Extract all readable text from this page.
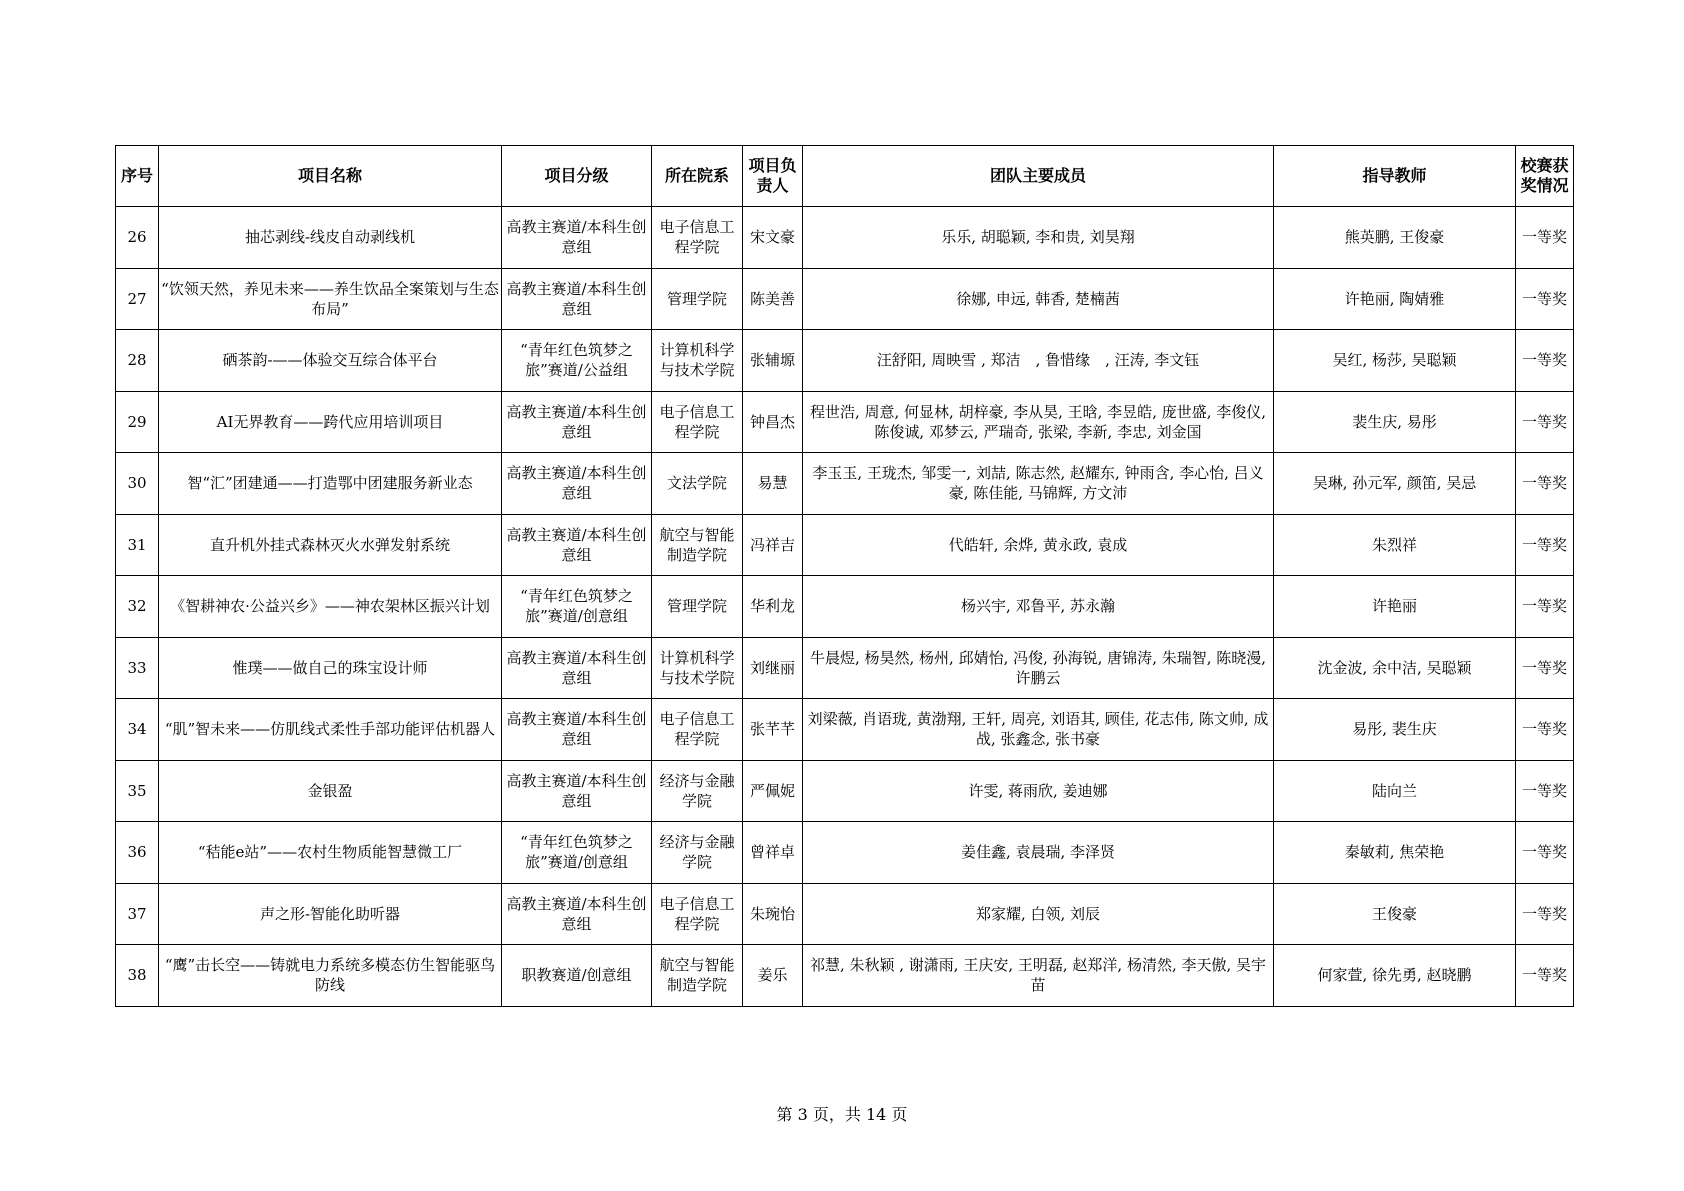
序号	项目名称	项目分级	所在院系	项目负责人	团队主要成员	指导教师	校赛获奖情况
26	抽芯剥线-线皮自动剥线机	高教主赛道/本科生创意组	电子信息工程学院	宋文豪	乐乐, 胡聪颖, 李和贵, 刘昊翔	熊英鹏, 王俊豪	一等奖
27	“饮领天然，养见未来——养生饮品全案策划与生态布局”	高教主赛道/本科生创意组	管理学院	陈美善	徐娜, 申远, 韩香, 楚楠茜	许艳丽, 陶婧雅	一等奖
28	硒茶韵-——体验交互综合体平台	“青年红色筑梦之旅”赛道/公益组	计算机科学与技术学院	张辅塬	汪舒阳, 周映雪 , 郑洁　, 鲁惜缘　, 汪涛, 李文钰	吴红, 杨莎, 吴聪颖	一等奖
29	AI无界教育——跨代应用培训项目	高教主赛道/本科生创意组	电子信息工程学院	钟昌杰	程世浩, 周意, 何显林, 胡梓豪, 李从昊, 王晗, 李昱皓, 庞世盛, 李俊仪, 陈俊诚, 邓梦云, 严瑞奇, 张梁, 李新, 李忠, 刘金国	裴生庆, 易彤	一等奖
30	智“汇”团建通——打造鄂中团建服务新业态	高教主赛道/本科生创意组	文法学院	易慧	李玉玉, 王珑杰, 邹雯一, 刘喆, 陈志然, 赵耀东, 钟雨含, 李心怡, 吕义豪, 陈佳能, 马锦辉, 方文沛	吴琳, 孙元军, 颜笛, 吴忌	一等奖
31	直升机外挂式森林灭火水弹发射系统	高教主赛道/本科生创意组	航空与智能制造学院	冯祥吉	代皓轩, 余烨, 黄永政, 袁成	朱烈祥	一等奖
32	《智耕神农·公益兴乡》——神农架林区振兴计划	“青年红色筑梦之旅”赛道/创意组	管理学院	华利龙	杨兴宇, 邓鲁平, 苏永瀚	许艳丽	一等奖
33	惟璞——做自己的珠宝设计师	高教主赛道/本科生创意组	计算机科学与技术学院	刘继丽	牛晨煜, 杨昊然, 杨州, 邱婧怡, 冯俊, 孙海锐, 唐锦涛, 朱瑞智, 陈晓漫, 许鹏云	沈金波, 余中洁, 吴聪颖	一等奖
34	“肌”智未来——仿肌线式柔性手部功能评估机器人	高教主赛道/本科生创意组	电子信息工程学院	张芊芊	刘梁薇, 肖语珑, 黄渤翔, 王轩, 周亮, 刘语其, 顾佳, 花志伟, 陈文帅, 成战, 张鑫念, 张书豪	易彤, 裴生庆	一等奖
35	金银盈	高教主赛道/本科生创意组	经济与金融学院	严佩妮	许雯, 蒋雨欣, 姜迪娜	陆向兰	一等奖
36	“秸能e站”——农村生物质能智慧微工厂	“青年红色筑梦之旅”赛道/创意组	经济与金融学院	曾祥卓	姜佳鑫, 袁晨瑞, 李泽贤	秦敏莉, 焦荣艳	一等奖
37	声之形-智能化助听器	高教主赛道/本科生创意组	电子信息工程学院	朱琬怡	郑家耀, 白领, 刘辰	王俊豪	一等奖
38	“鹰”击长空——铸就电力系统多模态仿生智能驱鸟防线	职教赛道/创意组	航空与智能制造学院	姜乐	祁慧, 朱秋颖 , 谢潇雨, 王庆安, 王明磊, 赵郑洋, 杨清然, 李天傲, 吴宇苗	何家萱, 徐先勇, 赵晓鹏	一等奖
第 3 页，共 14 页
